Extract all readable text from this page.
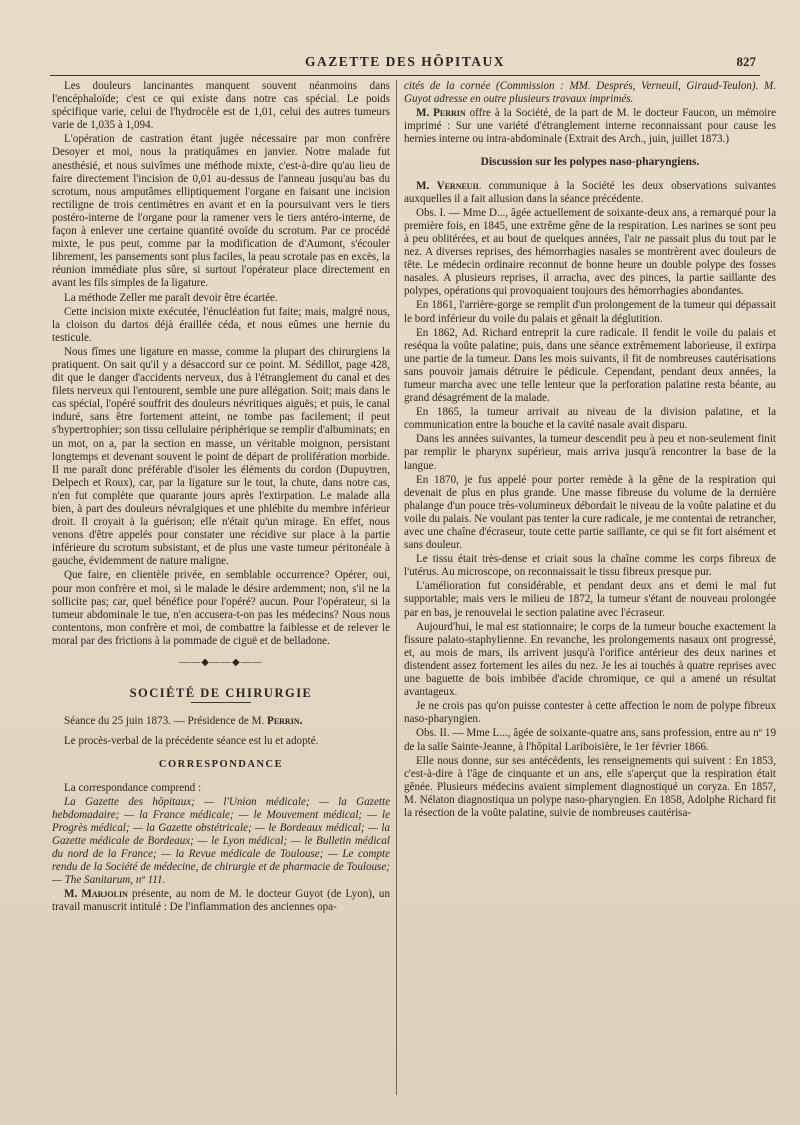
GAZETTE DES HÔPITAUX	827

Les douleurs lancinantes manquent souvent néanmoins dans l'encéphaloïde; c'est ce qui existe dans notre cas spécial. Le poids spécifique varie, celui de l'hydrocèle est de 1,01, celui des autres tumeurs varie de 1,035 à 1,094.

L'opération de castration étant jugée nécessaire par mon confrère Desoyer et moi, nous la pratiquâmes en janvier. Notre malade fut anesthésié, et nous suivîmes une méthode mixte, c'est-à-dire qu'au lieu de faire directement l'incision de 0,01 au-dessus de l'anneau jusqu'au bas du scrotum, nous amputâmes elliptiquement l'organe en faisant une incision rectiligne de trois centimètres en avant et en la poursuivant vers le tiers postéro-interne de l'organe pour la ramener vers le tiers antéro-interne, de façon à enlever une certaine quantité ovoïde du scrotum. Par ce procédé mixte, le pus peut, comme par la modification de d'Aumont, s'écouler librement, les pansements sont plus faciles, la peau scrotale pas en excès, la réunion immédiate plus sûre, si surtout l'opérateur place directement en avant les fils simples de la ligature.

La méthode Zeller me paraît devoir être écartée.

Cette incision mixte exécutée, l'énucléation fut faite; mais, malgré nous, la cloison du dartos déjà éraillée céda, et nous eûmes une hernie du testicule.

Nous fîmes une ligature en masse, comme la plupart des chirurgiens la pratiquent. On sait qu'il y a désaccord sur ce point. M. Sédillot, page 428, dit que le danger d'accidents nerveux, dus à l'étranglement du canal et des filets nerveux qui l'entourent, semble une pure allégation. Soit; mais dans le cas spécial, l'opéré souffrit des douleurs névritiques aiguës; et puis, le canal induré, sans être fortement atteint, ne tombe pas facilement; il peut s'hypertrophier; son tissu cellulaire périphérique se remplir d'albuminats; en un mot, on a, par la section en masse, un véritable moignon, persistant longtemps et devenant souvent le point de départ de prolifération morbide. Il me paraît donc préférable d'isoler les éléments du cordon (Dupuytren, Delpech et Roux), car, par la ligature sur le tout, la chute, dans notre cas, n'en fut complète que quarante jours après l'extirpation. Le malade alla bien, à part des douleurs névralgiques et une phlébite du membre inférieur droit. Il croyait à la guérison; elle n'était qu'un mirage. En effet, nous venons d'être appelés pour constater une récidive sur place à la partie inférieure du scrotum subsistant, et de plus une vaste tumeur péritonéale à gauche, évidemment de nature maligne.

Que faire, en clientèle privée, en semblable occurrence? Opérer, oui, pour mon confrère et moi, si le malade le désire ardemment; non, s'il ne la sollicite pas; car, quel bénéfice pour l'opéré? aucun. Pour l'opérateur, si la tumeur abdominale le tue, n'en accusera-t-on pas les médecins? Nous nous contentons, mon confrère et moi, de combattre la faiblesse et de relever le moral par des frictions à la pommade de ciguë et de belladone.

——◆——◆——
SOCIÉTÉ DE CHIRURGIE

Séance du 25 juin 1873. — Présidence de M. Perrin.

Le procès-verbal de la précédente séance est lu et adopté.

CORRESPONDANCE

La correspondance comprend :

La Gazette des hôpitaux; — l'Union médicale; — la Gazette hebdomadaire; — la France médicale; — le Mouvement médical; — le Progrès médical; — la Gazette obstétricale; — le Bordeaux médical; — la Gazette médicale de Bordeaux; — le Lyon médical; — le Bulletin médical du nord de la France; — la Revue médicale de Toulouse; — Le compte rendu de la Société de médecine, de chirurgie et de pharmacie de Toulouse; — The Sanitarum, nº 111.

M. Marjolin présente, au nom de M. le docteur Guyot (de Lyon), un travail manuscrit intitulé : De l'inflammation des anciennes opa-

cités de la cornée (Commission : MM. Després, Verneuil, Giraud-Teulon). M. Guyot adresse en outre plusieurs travaux imprimés.

M. Perrin offre à la Société, de la part de M. le docteur Faucon, un mémoire imprimé : Sur une variété d'étranglement interne reconnaissant pour cause les hernies interne ou intra-abdominale (Extrait des Arch., juin, juillet 1873.)

Discussion sur les polypes naso-pharyngiens.

M. Verneuil communique à la Société les deux observations suivantes auxquelles il a fait allusion dans la séance précédente.

Obs. I. — Mme D..., âgée actuellement de soixante-deux ans, a remarqué pour la première fois, en 1845, une extrême gêne de la respiration. Les narines se sont peu à peu oblitérées, et au bout de quelques années, l'air ne passait plus du tout par le nez. A diverses reprises, des hémorrhagies nasales se montrèrent avec douleurs de tête. Le médecin ordinaire reconnut de bonne heure un double polype des fosses nasales. A plusieurs reprises, il arracha, avec des pinces, la partie saillante des polypes, opérations qui provoquaient toujours des hémorrhagies abondantes.

En 1861, l'arrière-gorge se remplit d'un prolongement de la tumeur qui dépassait le bord inférieur du voile du palais et gênait la déglutition.

En 1862, Ad. Richard entreprit la cure radicale. Il fendit le voile du palais et reséqua la voûte palatine; puis, dans une séance extrêmement laborieuse, il extirpa une partie de la tumeur. Dans les mois suivants, il fit de nombreuses cautérisations sans pouvoir jamais détruire le pédicule. Cependant, pendant deux années, la tumeur marcha avec une telle lenteur que la perforation palatine resta béante, au grand désagrément de la malade.

En 1865, la tumeur arrivait au niveau de la division palatine, et la communication entre la bouche et la cavité nasale avait disparu.

Dans les années suivantes, la tumeur descendit peu à peu et non-seulement finit par remplir le pharynx supérieur, mais arriva jusqu'à rencontrer la base de la langue.

En 1870, je fus appelé pour porter remède à la gêne de la respiration qui devenait de plus en plus grande. Une masse fibreuse du volume de la dernière phalange d'un pouce très-volumineux débordait le niveau de la voûte palatine et du voile du palais. Ne voulant pas tenter la cure radicale, je me contentai de retrancher, avec une chaîne d'écraseur, toute cette partie saillante, ce qui se fit fort aisément et sans douleur.

Le tissu était très-dense et criait sous la chaîne comme les corps fibreux de l'utérus. Au microscope, on reconnaissait le tissu fibreux presque pur.

L'amélioration fut considérable, et pendant deux ans et demi le mal fut supportable; mais vers le milieu de 1872, la tumeur s'étant de nouveau prolongée par en bas, je renouvelai le section palatine avec l'écraseur.

Aujourd'hui, le mal est stationnaire; le corps de la tumeur bouche exactement la fissure palato-staphylienne. En revanche, les prolongements nasaux ont progressé, et, au mois de mars, ils arrivent jusqu'à l'orifice antérieur des deux narines et distendent assez fortement les ailes du nez. Je les ai touchés à quatre reprises avec une baguette de bois imbibée d'acide chromique, ce qui a amené un résultat avantageux.

Je ne crois pas qu'on puisse contester à cette affection le nom de polype fibreux naso-pharyngien.

Obs. II. — Mme L..., âgée de soixante-quatre ans, sans profession, entre au nº 19 de la salle Sainte-Jeanne, à l'hôpital Lariboisière, le 1er février 1866.

Elle nous donne, sur ses antécédents, les renseignements qui suivent : En 1853, c'est-à-dire à l'âge de cinquante et un ans, elle s'aperçut que la respiration était gênée. Plusieurs médecins avaient simplement diagnostiqué un coryza. En 1857, M. Nélaton diagnostiqua un polype naso-pharyngien. En 1858, Adolphe Richard fit la résection de la voûte palatine, suivie de nombreuses cautérisa-
